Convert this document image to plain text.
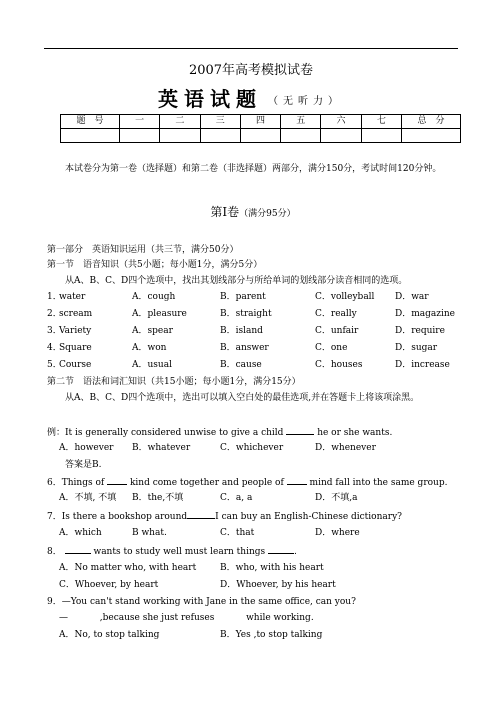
2007年高考模拟试卷
英语试题 （无听力）
题　号	一	二	三	四	五	六	七	总　分

本试卷分为第一卷（选择题）和第二卷（非选择题）两部分，满分150分，考试时间120分钟。
第Ⅰ卷（满分95分）
第一部分　英语知识运用（共三节，满分50分）
第一节　语音知识（共5小题；每小题1分，满分5分）
从A、B、C、D四个选项中，找出其划线部分与所给单词的划线部分读音相同的选项。
1．
water	A．cough	B．parent	C．volleyball D．war
2．
scream	A．pleasure	B．straight	C．really	D．magazine
3．
Variety	A．spear	B．island	C．unfair	D．require
4．
Square	A．won	B．answer	C．one	D．sugar
5．
Course	A．usual	B．cause	C．houses	D．increase
第二节　语法和词汇知识（共15小题；每小题1分，满分15分）
从A、B、C、D四个选项中，选出可以填入空白处的最佳选项,并在答题卡上将该项涂黑。
例：It is generally considered unwise to give a child	he or she wants.
A．however B．whatever	C．whichever	D．whenever
答案是B.
6．Things of	kind come together and people of	mind fall into the same group.
A．不填, 不填 B．the,不填	C．a, a	D．不填,a
7．Is there a bookshop around	I can buy an English-Chinese dictionary?
A．which	B what.	C．that	D．where
8．	wants to study well must learn things	.
A．No matter who, with heart	B．who, with his heart
C．Whoever, by heart	D．Whoever, by his heart
9．—You can't stand working with Jane in the same office, can you?
—	,because she just refuses	while working.
A．No, to stop talking	B．Yes ,to stop talking
